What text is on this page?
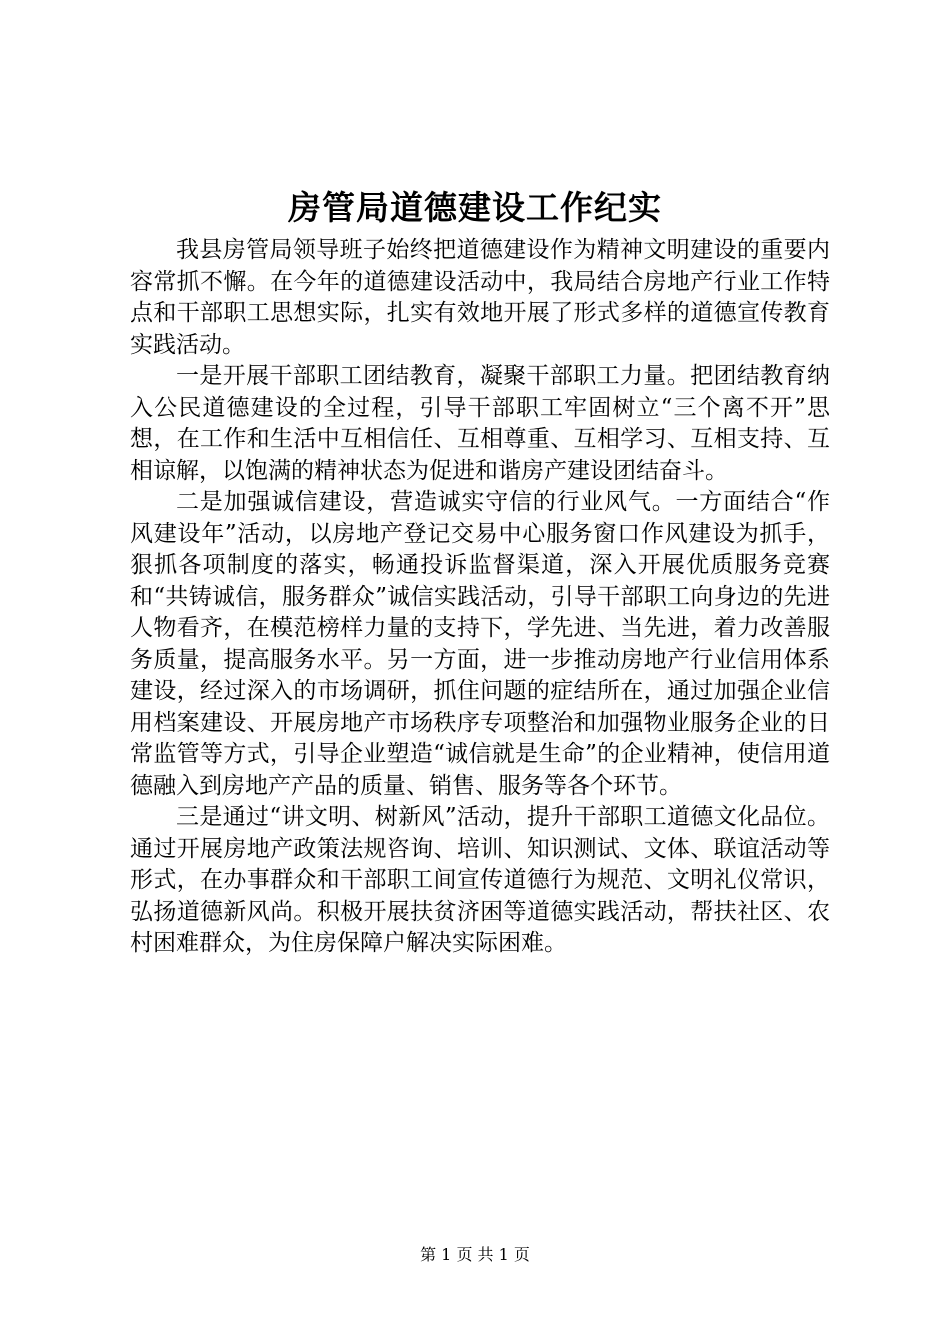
房管局道德建设工作纪实

我县房管局领导班子始终把道德建设作为精神文明建设的重要内容常抓不懈。在今年的道德建设活动中，我局结合房地产行业工作特点和干部职工思想实际，扎实有效地开展了形式多样的道德宣传教育实践活动。

一是开展干部职工团结教育，凝聚干部职工力量。把团结教育纳入公民道德建设的全过程，引导干部职工牢固树立“三个离不开”思想，在工作和生活中互相信任、互相尊重、互相学习、互相支持、互相谅解，以饱满的精神状态为促进和谐房产建设团结奋斗。

二是加强诚信建设，营造诚实守信的行业风气。一方面结合“作风建设年”活动，以房地产登记交易中心服务窗口作风建设为抓手，狠抓各项制度的落实，畅通投诉监督渠道，深入开展优质服务竞赛和“共铸诚信，服务群众”诚信实践活动，引导干部职工向身边的先进人物看齐，在模范榜样力量的支持下，学先进、当先进，着力改善服务质量，提高服务水平。另一方面，进一步推动房地产行业信用体系建设，经过深入的市场调研，抓住问题的症结所在，通过加强企业信用档案建设、开展房地产市场秩序专项整治和加强物业服务企业的日常监管等方式，引导企业塑造“诚信就是生命”的企业精神，使信用道德融入到房地产产品的质量、销售、服务等各个环节。

三是通过“讲文明、树新风”活动，提升干部职工道德文化品位。通过开展房地产政策法规咨询、培训、知识测试、文体、联谊活动等形式，在办事群众和干部职工间宣传道德行为规范、文明礼仪常识，弘扬道德新风尚。积极开展扶贫济困等道德实践活动，帮扶社区、农村困难群众，为住房保障户解决实际困难。

第 1 页 共 1 页
